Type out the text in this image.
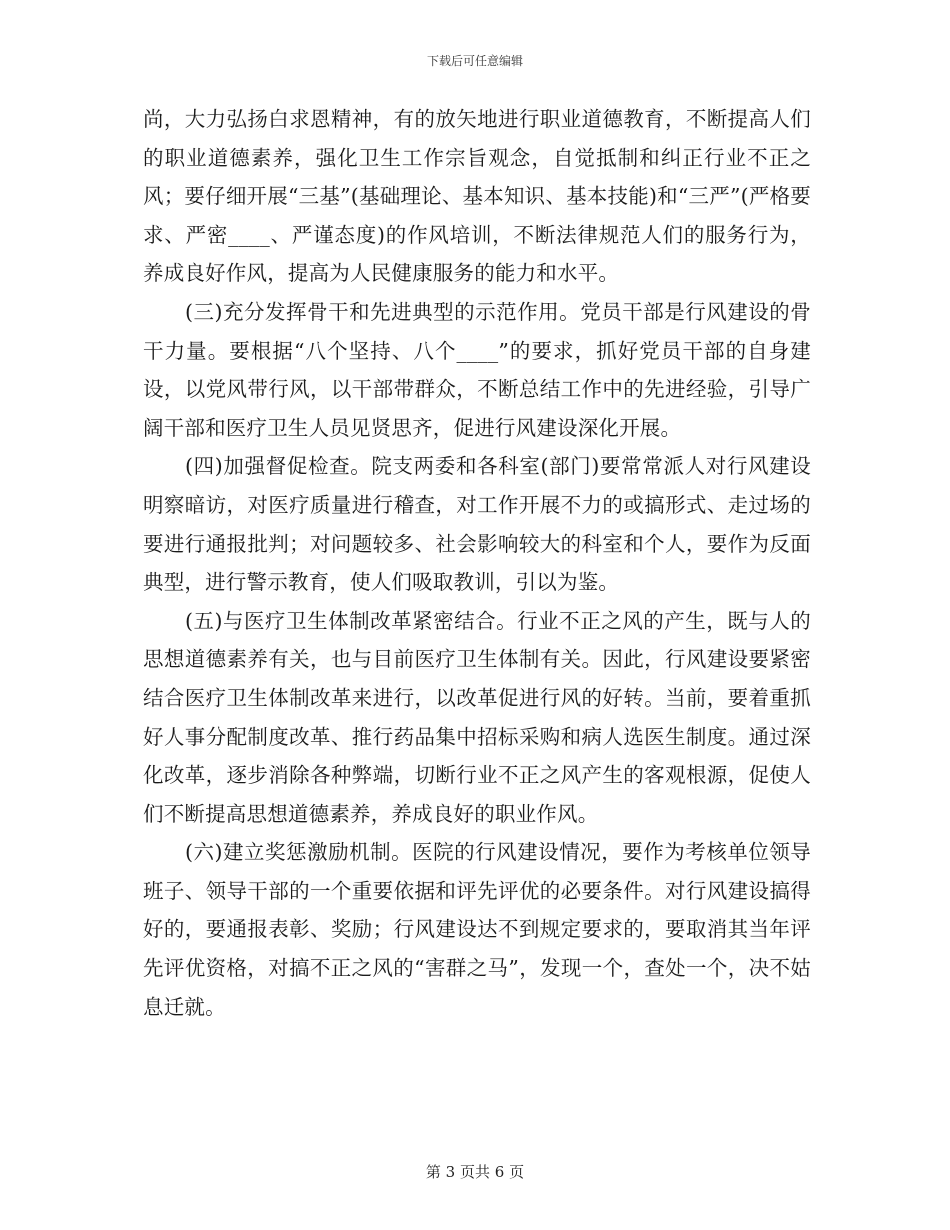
下载后可任意编辑

尚，大力弘扬白求恩精神，有的放矢地进行职业道德教育，不断提高人们的职业道德素养，强化卫生工作宗旨观念，自觉抵制和纠正行业不正之风；要仔细开展“三基”(基础理论、基本知识、基本技能)和“三严”(严格要求、严密____、严谨态度)的作风培训，不断法律规范人们的服务行为，养成良好作风，提高为人民健康服务的能力和水平。

(三)充分发挥骨干和先进典型的示范作用。党员干部是行风建设的骨干力量。要根据“八个坚持、八个____”的要求，抓好党员干部的自身建设，以党风带行风，以干部带群众，不断总结工作中的先进经验，引导广阔干部和医疗卫生人员见贤思齐，促进行风建设深化开展。

(四)加强督促检查。院支两委和各科室(部门)要常常派人对行风建设明察暗访，对医疗质量进行稽查，对工作开展不力的或搞形式、走过场的要进行通报批判；对问题较多、社会影响较大的科室和个人，要作为反面典型，进行警示教育，使人们吸取教训，引以为鉴。

(五)与医疗卫生体制改革紧密结合。行业不正之风的产生，既与人的思想道德素养有关，也与目前医疗卫生体制有关。因此，行风建设要紧密结合医疗卫生体制改革来进行，以改革促进行风的好转。当前，要着重抓好人事分配制度改革、推行药品集中招标采购和病人选医生制度。通过深化改革，逐步消除各种弊端，切断行业不正之风产生的客观根源，促使人们不断提高思想道德素养，养成良好的职业作风。

(六)建立奖惩激励机制。医院的行风建设情况，要作为考核单位领导班子、领导干部的一个重要依据和评先评优的必要条件。对行风建设搞得好的，要通报表彰、奖励；行风建设达不到规定要求的，要取消其当年评先评优资格，对搞不正之风的“害群之马”，发现一个，查处一个，决不姑息迁就。

第 3 页共 6 页
